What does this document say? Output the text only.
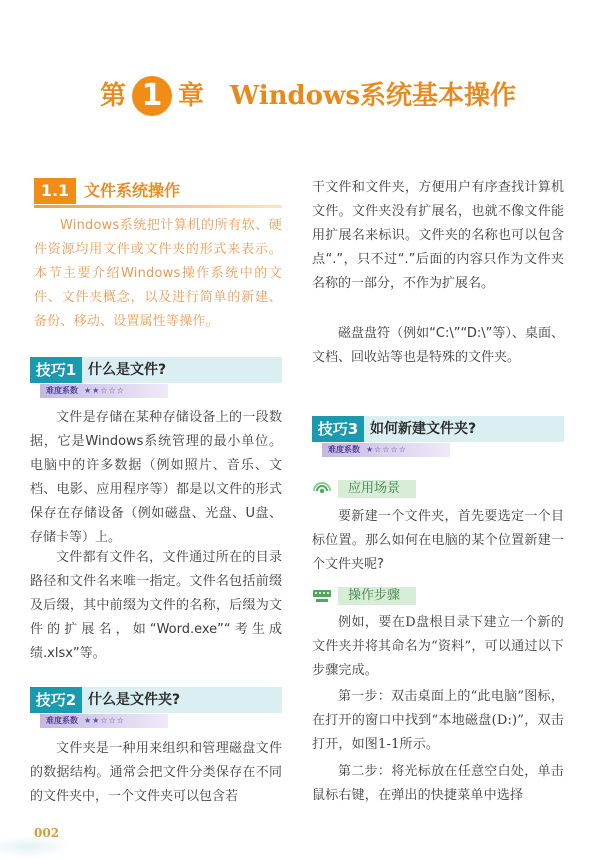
第 1 章 Windows系统基本操作
1.1 文件系统操作
Windows系统把计算机的所有软、硬件资源均用文件或文件夹的形式来表示。本节主要介绍Windows操作系统中的文件、文件夹概念，以及进行简单的新建、备份、移动、设置属性等操作。
技巧1 什么是文件?
难度系数 ★★☆☆☆
文件是存储在某种存储设备上的一段数据，它是Windows系统管理的最小单位。电脑中的许多数据（例如照片、音乐、文档、电影、应用程序等）都是以文件的形式保存在存储设备（例如磁盘、光盘、U盘、存储卡等）上。
文件都有文件名，文件通过所在的目录路径和文件名来唯一指定。文件名包括前缀及后缀，其中前缀为文件的名称，后缀为文件的扩展名，如“Word.exe”“考生成绩.xlsx”等。
技巧2 什么是文件夹?
难度系数 ★★☆☆☆
文件夹是一种用来组织和管理磁盘文件的数据结构。通常会把文件分类保存在不同的文件夹中，一个文件夹可以包含若
干文件和文件夹，方便用户有序查找计算机文件。文件夹没有扩展名，也就不像文件能用扩展名来标识。文件夹的名称也可以包含点“.”，只不过“.”后面的内容只作为文件夹名称的一部分，不作为扩展名。
磁盘盘符（例如“C:\”“D:\”等）、桌面、文档、回收站等也是特殊的文件夹。
技巧3 如何新建文件夹?
难度系数 ★☆☆☆☆
应用场景
要新建一个文件夹，首先要选定一个目标位置。那么如何在电脑的某个位置新建一个文件夹呢?
操作步骤
例如，要在D盘根目录下建立一个新的文件夹并将其命名为“资料”，可以通过以下步骤完成。
第一步：双击桌面上的“此电脑”图标，在打开的窗口中找到“本地磁盘(D:)”，双击打开，如图1-1所示。
第二步：将光标放在任意空白处，单击鼠标右键，在弹出的快捷菜单中选择
002
